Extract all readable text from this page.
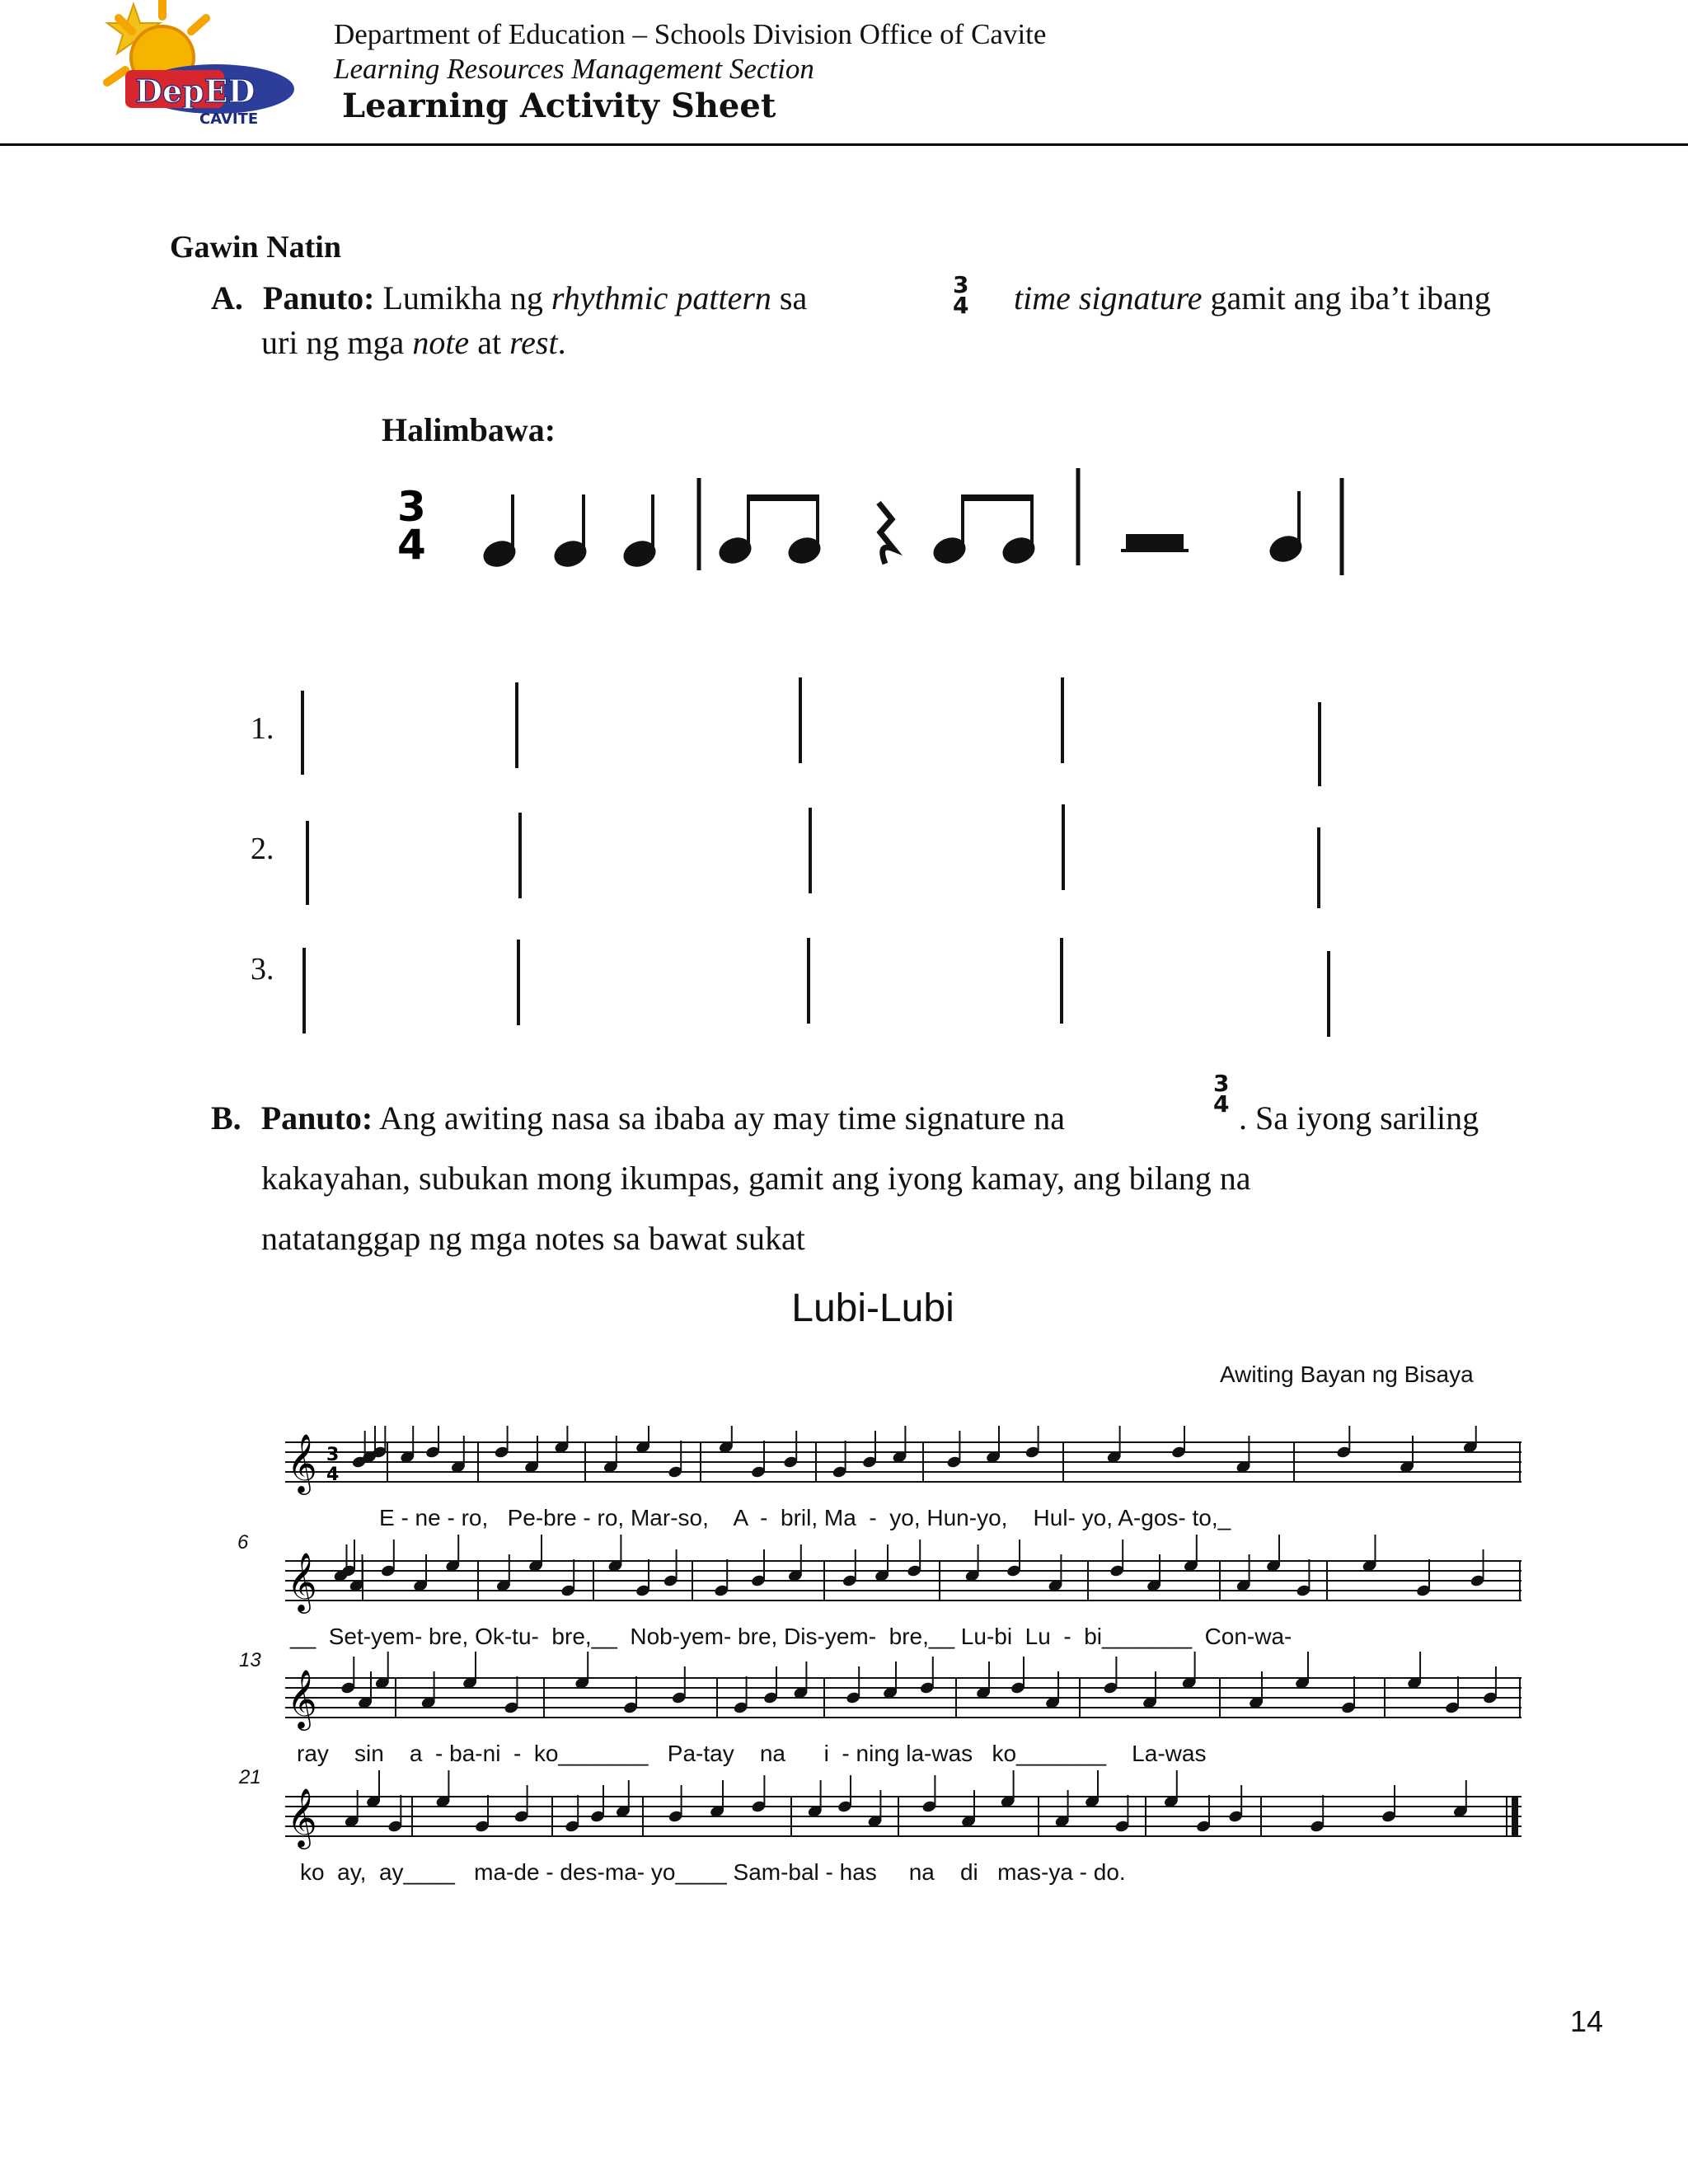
DepED
CAVITE
Department of Education – Schools Division Office of Cavite
Learning Resources Management Section
Learning Activity Sheet
Gawin Natin
A. Panuto: Lumikha ng rhythmic pattern sa	3
4 time signature gamit ang iba’t ibang
uri ng mga note at rest.
Halimbawa:
3
4
1.
2.
3.
B. Panuto: Ang awiting nasa sa ibaba ay may time signature na
3
4 . Sa iyong sariling
kakayahan, subukan mong ikumpas, gamit ang iyong kamay, ang bilang na
natatanggap ng mga notes sa bawat sukat
Lubi-Lubi
Awiting Bayan ng Bisaya
𝄞 3
4
𝄞
𝄞
𝄞
E - ne - ro,   Pe-bre - ro, Mar-so,    A  -  bril, Ma  -  yo, Hun-yo,    Hul- yo, A-gos- to,_
6
__  Set-yem- bre, Ok-tu-  bre,__  Nob-yem- bre, Dis-yem-  bre,__ Lu-bi  Lu  -  bi_______  Con-wa-
13
ray    sin    a  - ba-ni  -  ko_______   Pa-tay    na      i  - ning la-was   ko_______    La-was
21
ko  ay,  ay____   ma-de - des-ma- yo____ Sam-bal - has     na    di   mas-ya - do.
14
